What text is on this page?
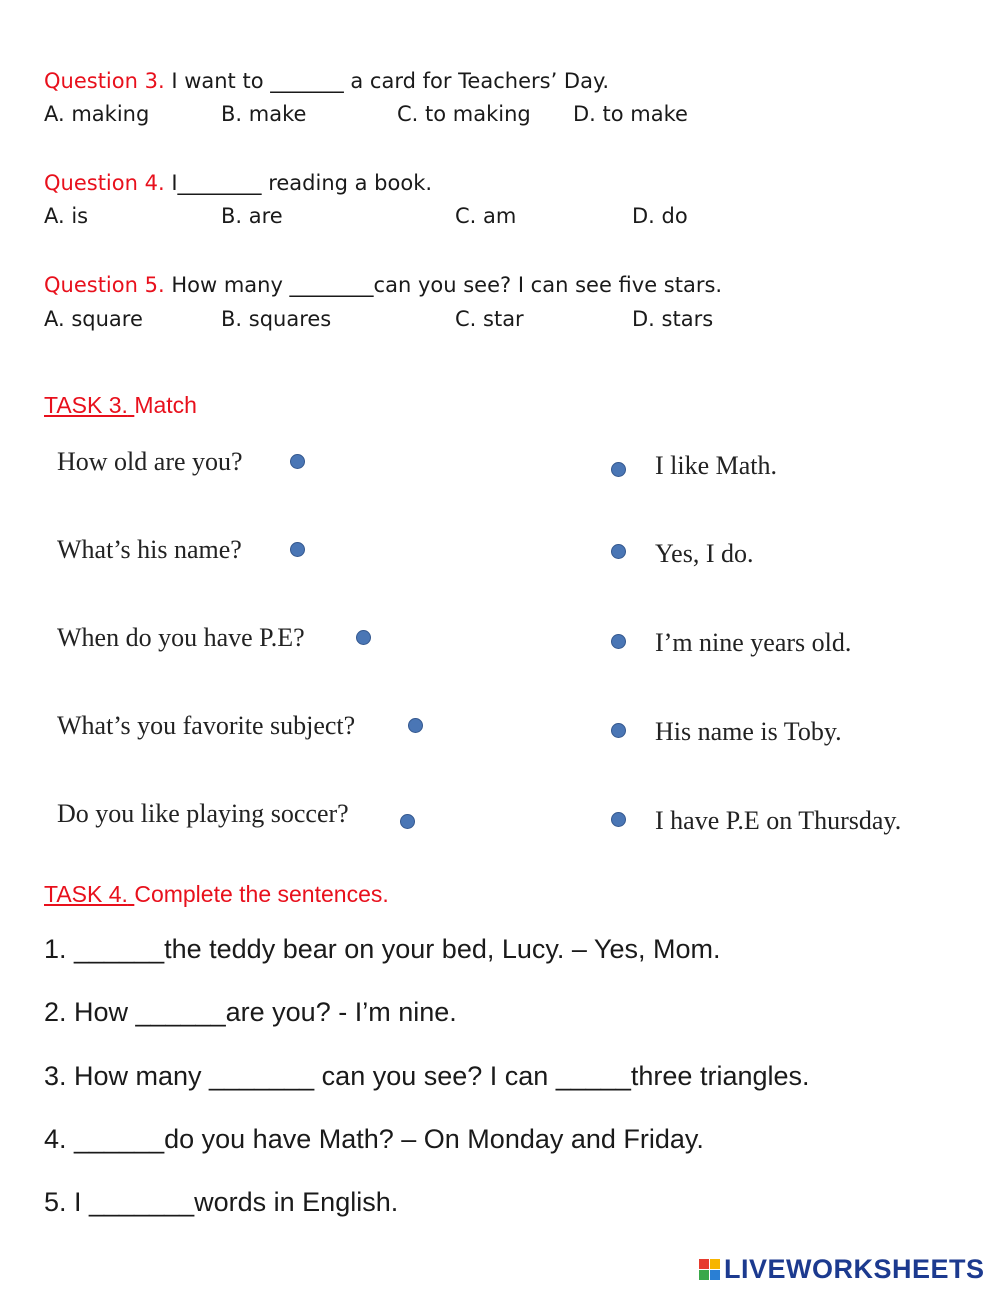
Question 3. I want to _______ a card for Teachers’ Day.
A. making	B. make	C. to making D. to make
Question 4. I________ reading a book.
A. is	B. are	C. am	D. do
Question 5. How many ________can you see? I can see five stars.
A. square	B. squares	C. star	D. stars
TASK 3. Match
How old are you?
What’s his name?
When do you have P.E?
What’s you favorite subject?
Do you like playing soccer?
I like Math.
Yes, I do.
I’m nine years old.
His name is Toby.
I have P.E on Thursday.
TASK 4. Complete the sentences.
1. ______the teddy bear on your bed, Lucy. – Yes, Mom.
2. How ______are you? - I’m nine.
3. How many _______ can you see? I can _____three triangles.
4. ______do you have Math? – On Monday and Friday.
5. I _______words in English.
LIVEWORKSHEETS
